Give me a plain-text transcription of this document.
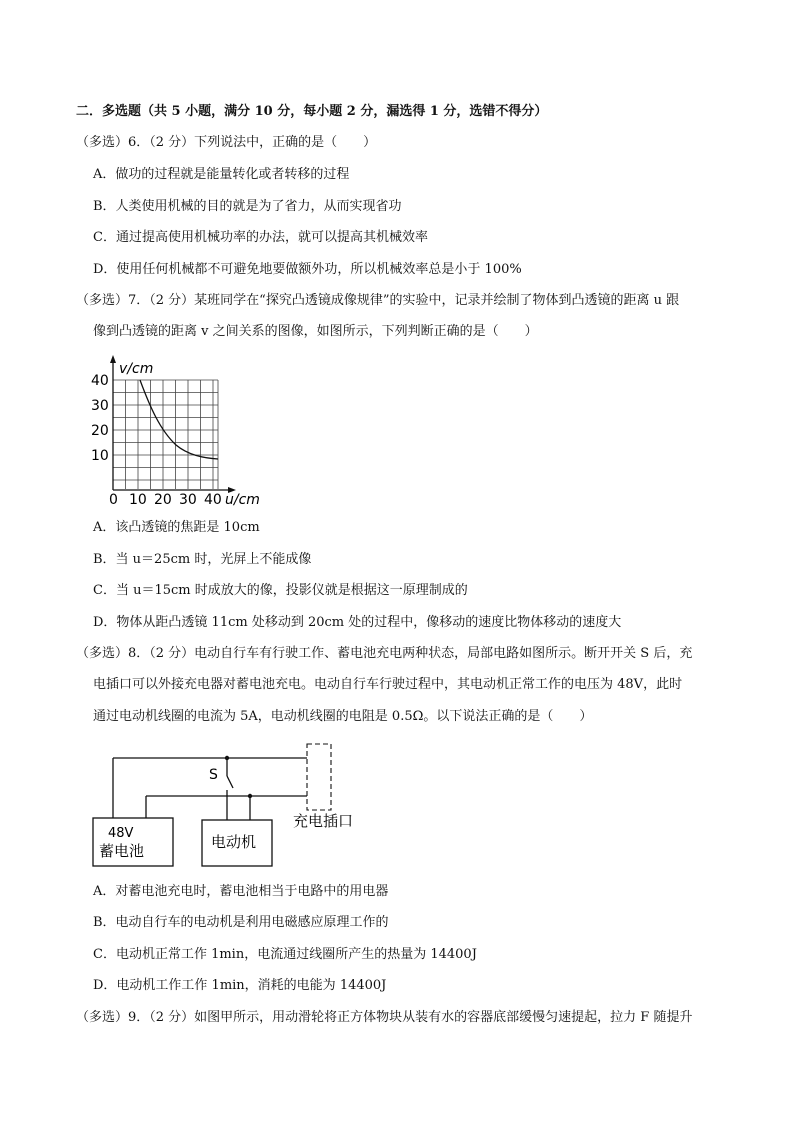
二．多选题（共 5 小题，满分 10 分，每小题 2 分，漏选得 1 分，选错不得分）
（多选）6．（2 分）下列说法中，正确的是（　　）
A．做功的过程就是能量转化或者转移的过程
B．人类使用机械的目的就是为了省力，从而实现省功
C．通过提高使用机械功率的办法，就可以提高其机械效率
D．使用任何机械都不可避免地要做额外功，所以机械效率总是小于 100%
（多选）7．（2 分）某班同学在“探究凸透镜成像规律”的实验中，记录并绘制了物体到凸透镜的距离 u 跟
像到凸透镜的距离 v 之间关系的图像，如图所示，下列判断正确的是（　　）
v/cm
u/cm
40
30
20
10
0 10 20 30 40
A．该凸透镜的焦距是 10cm
B．当 u＝25cm 时，光屏上不能成像
C．当 u＝15cm 时成放大的像，投影仪就是根据这一原理制成的
D．物体从距凸透镜 11cm 处移动到 20cm 处的过程中，像移动的速度比物体移动的速度大
（多选）8．（2 分）电动自行车有行驶工作、蓄电池充电两种状态，局部电路如图所示。断开开关 S 后，充
电插口可以外接充电器对蓄电池充电。电动自行车行驶过程中，其电动机正常工作的电压为 48V，此时
通过电动机线圈的电流为 5A，电动机线圈的电阻是 0.5Ω。以下说法正确的是（　　）
S
48V
蓄电池	电动机
充电插口
A．对蓄电池充电时，蓄电池相当于电路中的用电器
B．电动自行车的电动机是利用电磁感应原理工作的
C．电动机正常工作 1min，电流通过线圈所产生的热量为 14400J
D．电动机工作工作 1min，消耗的电能为 14400J
（多选）9．（2 分）如图甲所示，用动滑轮将正方体物块从装有水的容器底部缓慢匀速提起，拉力 F 随提升
